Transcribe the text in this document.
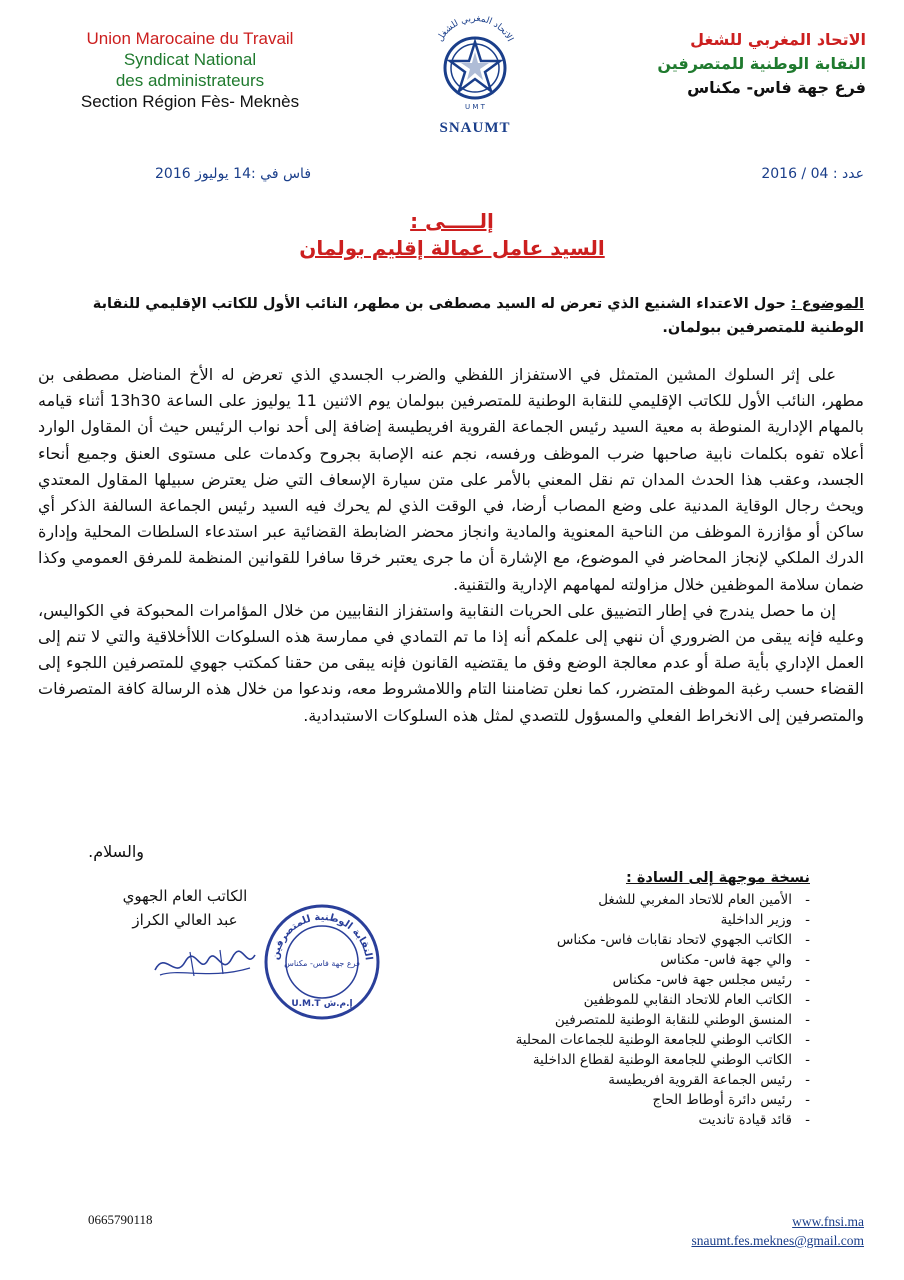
Union Marocaine du Travail
Syndicat National
des administrateurs
Section Région Fès- Meknès
الاتحاد المغربي للشغل
U M T
SNAUMT
الاتحاد المغربي للشغل
النقابة الوطنية للمتصرفين
فرع جهة فاس- مكناس
فاس في :14 يوليوز 2016	عدد : 04 / 2016
إلـــــى :
السيد عامل عمالة إقليم بولمان
الموضوع : حول الاعتداء الشنيع الذي تعرض له السيد مصطفى بن مطهر، النائب الأول للكاتب الإقليمي للنقابة الوطنية للمتصرفين ببولمان.

على إثر السلوك المشين المتمثل في الاستفزاز اللفظي والضرب الجسدي الذي تعرض له الأخ المناضل مصطفى بن مطهر، النائب الأول للكاتب الإقليمي للنقابة الوطنية للمتصرفين ببولمان يوم الاثنين 11 يوليوز على الساعة 13h30 أثناء قيامه بالمهام الإدارية المنوطة به معية السيد رئيس الجماعة القروية افريطيسة إضافة إلى أحد نواب الرئيس حيث أن المقاول الوارد أعلاه تفوه بكلمات نابية صاحبها ضرب الموظف ورفسه، نجم عنه الإصابة بجروح وكدمات على مستوى العنق وجميع أنحاء الجسد، وعقب هذا الحدث المدان تم نقل المعني بالأمر على متن سيارة الإسعاف التي ضل يعترض سبيلها المقاول المعتدي ويحث رجال الوقاية المدنية على وضع المصاب أرضا، في الوقت الذي لم يحرك فيه السيد رئيس الجماعة السالفة الذكر أي ساكن أو مؤازرة الموظف من الناحية المعنوية والمادية وانجاز محضر الضابطة القضائية عبر استدعاء السلطات المحلية وإدارة الدرك الملكي لإنجاز المحاضر في الموضوع، مع الإشارة أن ما جرى يعتبر خرقا سافرا للقوانين المنظمة للمرفق العمومي وكذا ضمان سلامة الموظفين خلال مزاولته لمهامهم الإدارية والتقنية.

إن ما حصل يندرج في إطار التضييق على الحريات النقابية واستفزاز النقابيين من خلال المؤامرات المحبوكة في الكواليس، وعليه فإنه يبقى من الضروري أن ننهي إلى علمكم أنه إذا ما تم التمادي في ممارسة هذه السلوكات اللاأخلاقية والتي لا تنم إلى العمل الإداري بأية صلة أو عدم معالجة الوضع وفق ما يقتضيه القانون فإنه يبقى من حقنا كمكتب جهوي للمتصرفين اللجوء إلى القضاء حسب رغبة الموظف المتضرر، كما نعلن تضامننا التام واللامشروط معه، وندعوا من خلال هذه الرسالة كافة المتصرفات والمتصرفين إلى الانخراط الفعلي والمسؤول للتصدي لمثل هذه السلوكات الاستبدادية.

والسلام.
نسخة موجهة إلى السادة :
- الأمين العام للاتحاد المغربي للشغل
- وزير الداخلية
- الكاتب الجهوي لاتحاد نقابات فاس- مكناس
- والي جهة فاس- مكناس
- رئيس مجلس جهة فاس- مكناس
- الكاتب العام للاتحاد النقابي للموظفين
- المنسق الوطني للنقابة الوطنية للمتصرفين
- الكاتب الوطني للجامعة الوطنية للجماعات المحلية
- الكاتب الوطني للجامعة الوطنية لقطاع الداخلية
- رئيس الجماعة القروية افريطيسة
- رئيس دائرة أوطاط الحاج
- قائد قيادة تانديت
الكاتب العام الجهوي
عبد العالي الكراز
النقابة الوطنية للمتصرفين
فرع جهة فاس- مكناس
U.M.T إ.م.ش
0665790118	www.fnsi.ma
snaumt.fes.meknes@gmail.com
